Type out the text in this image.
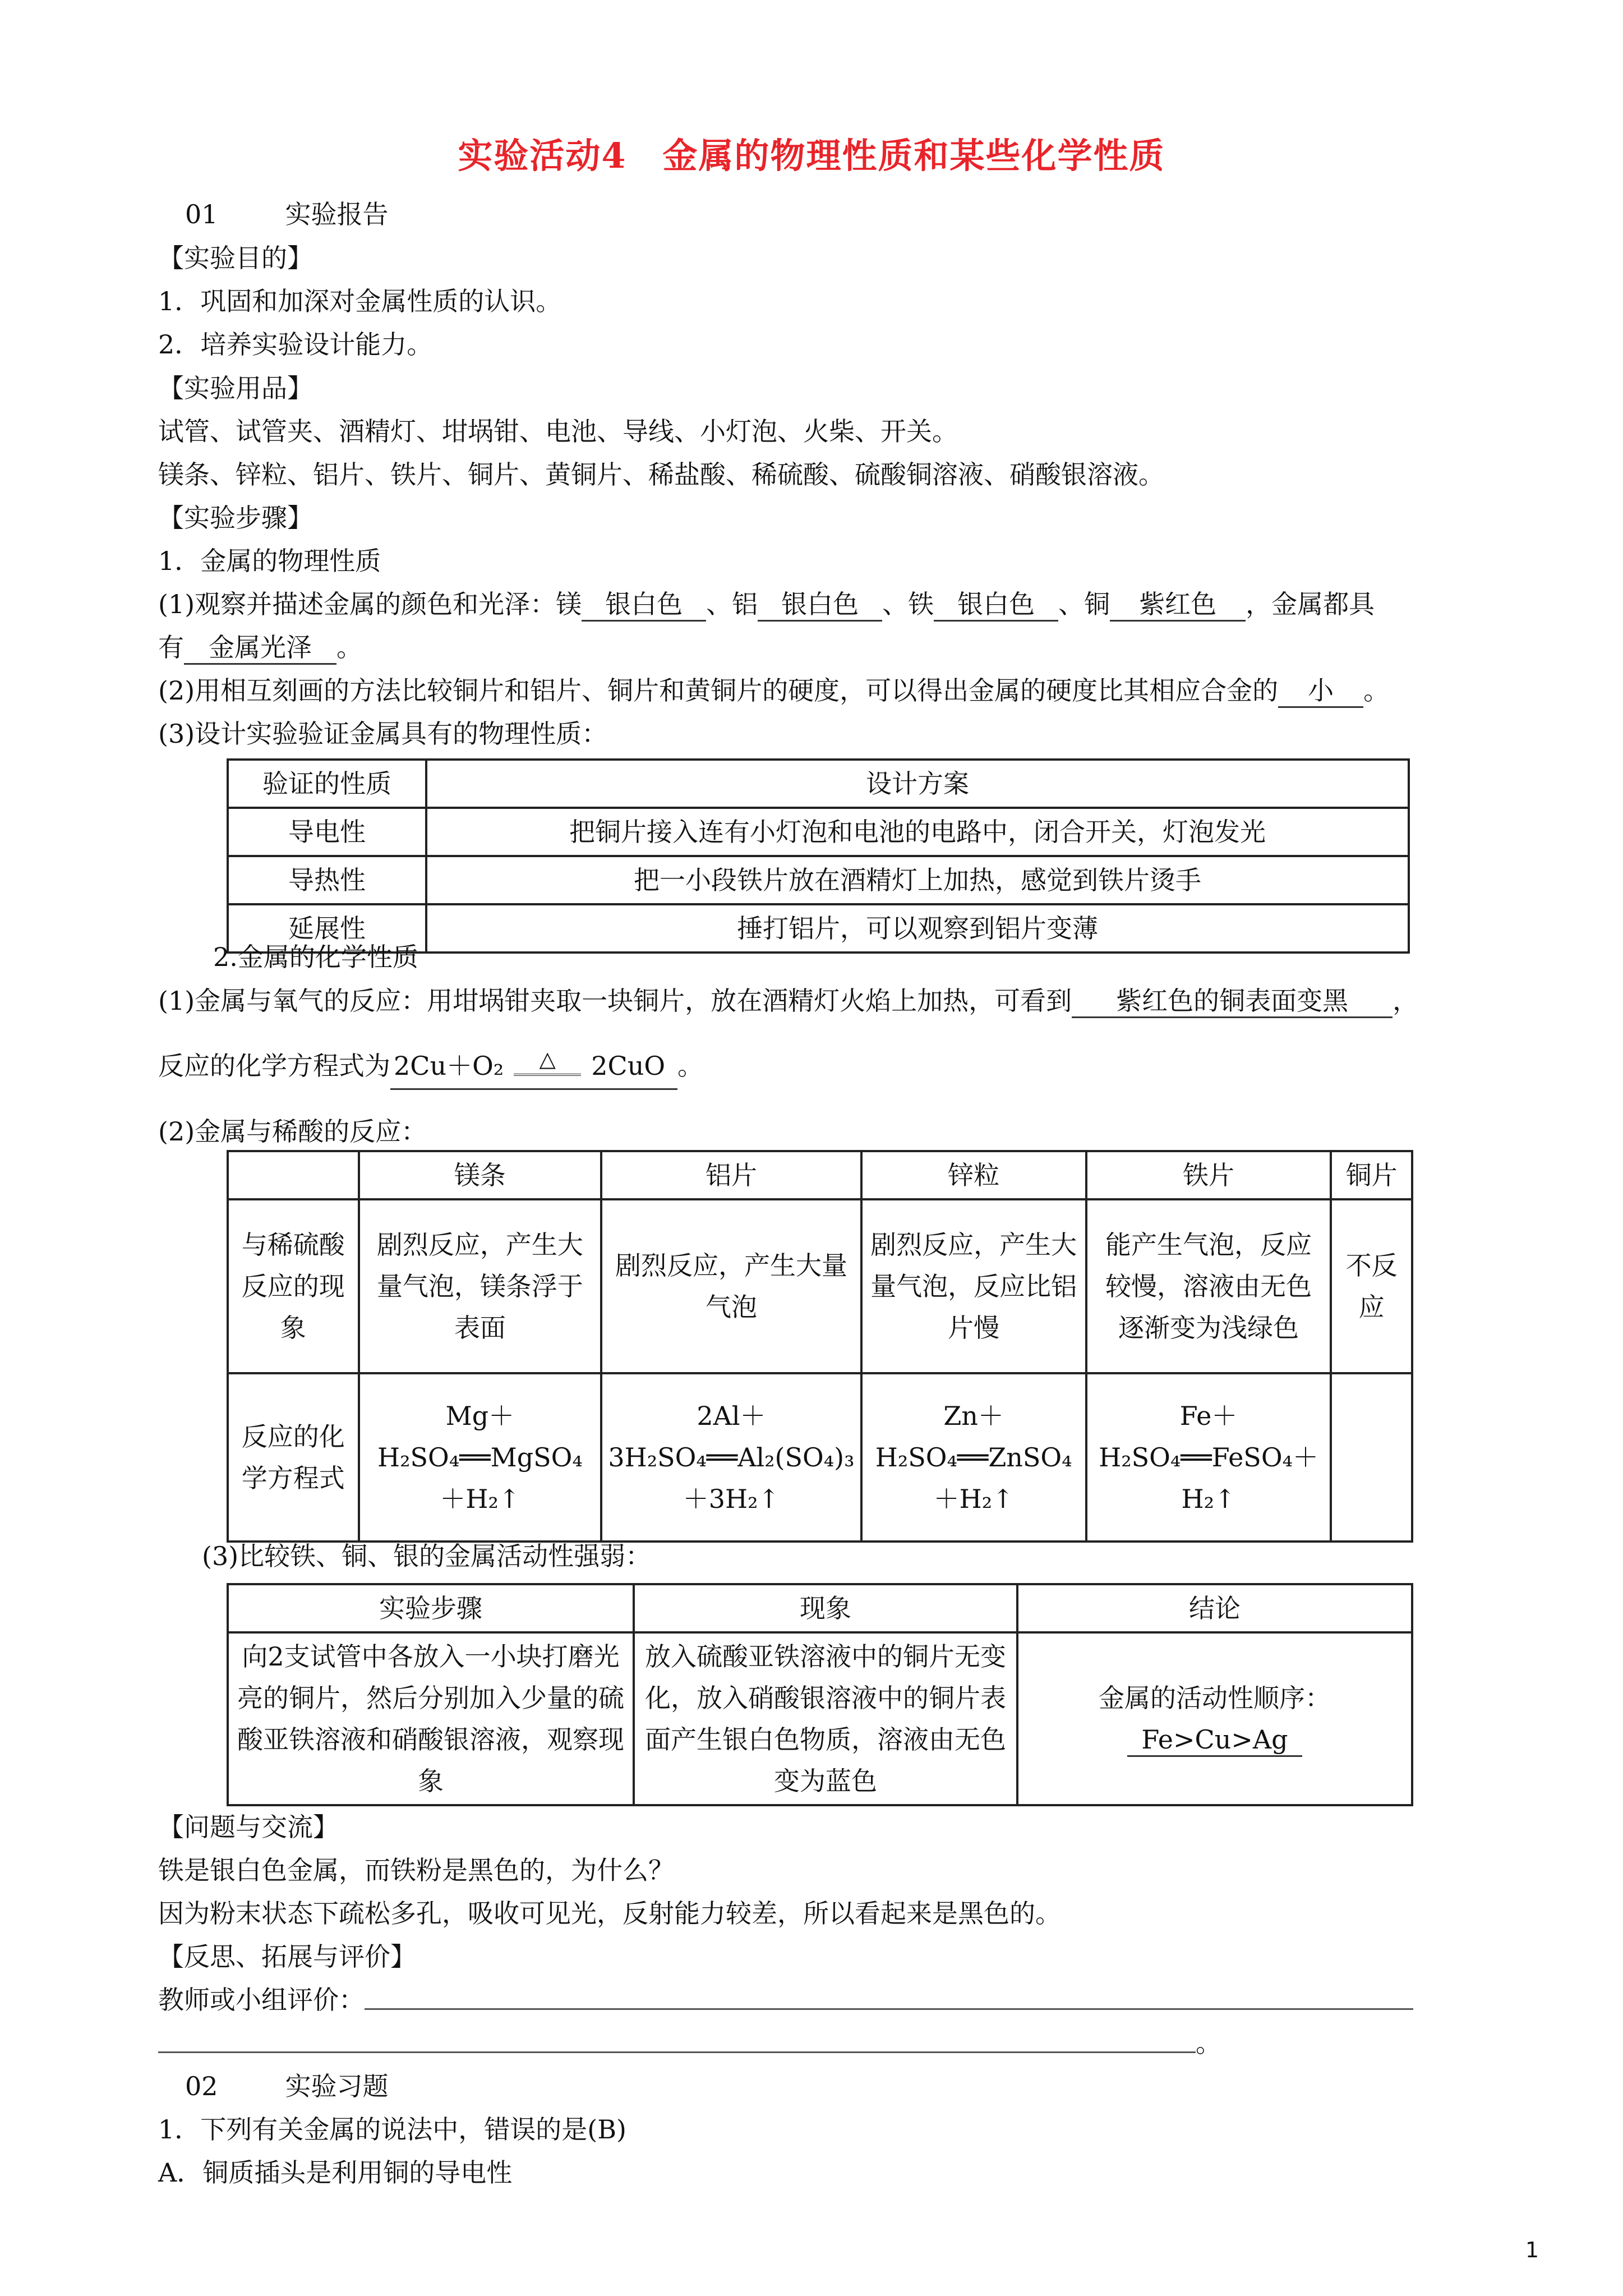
实验活动4　金属的物理性质和某些化学性质
01	实验报告
【实验目的】
1．巩固和加深对金属性质的认识。
2．培养实验设计能力。
【实验用品】
试管、试管夹、酒精灯、坩埚钳、电池、导线、小灯泡、火柴、开关。
镁条、锌粒、铝片、铁片、铜片、黄铜片、稀盐酸、稀硫酸、硫酸铜溶液、硝酸银溶液。
【实验步骤】
1．金属的物理性质
(1)观察并描述金属的颜色和光泽：镁 银白色 、铝 银白色 、铁 银白色 、铜 紫红色 ，金属都具
有 金属光泽 。
(2)用相互刻画的方法比较铜片和铝片、铜片和黄铜片的硬度，可以得出金属的硬度比其相应合金的 小 。
(3)设计实验验证金属具有的物理性质：
验证的性质	设计方案
导电性	把铜片接入连有小灯泡和电池的电路中，闭合开关，灯泡发光
导热性	把一小段铁片放在酒精灯上加热，感觉到铁片烫手
延展性	捶打铝片，可以观察到铝片变薄
2.金属的化学性质
(1)金属与氧气的反应：用坩埚钳夹取一块铜片，放在酒精灯火焰上加热，可看到 紫红色的铜表面变黑 ，
反应的化学方程式为 2Cu＋O₂	△	2CuO 。
(2)金属与稀酸的反应：
	镁条	铝片	锌粒	铁片	铜片
与稀硫酸反应的现象	剧烈反应，产生大量气泡，镁条浮于表面	剧烈反应，产生大量气泡	剧烈反应，产生大量气泡，反应比铝片慢	能产生气泡，反应较慢，溶液由无色逐渐变为浅绿色	不反应
反应的化学方程式	Mg＋H₂SO₄══MgSO₄＋H₂↑	2Al＋3H₂SO₄══Al₂(SO₄)₃＋3H₂↑	Zn＋H₂SO₄══ZnSO₄＋H₂↑	Fe＋H₂SO₄══FeSO₄＋H₂↑	
(3)比较铁、铜、银的金属活动性强弱：
实验步骤	现象	结论
向2支试管中各放入一小块打磨光亮的铜片，然后分别加入少量的硫酸亚铁溶液和硝酸银溶液，观察现象	放入硫酸亚铁溶液中的铜片无变化，放入硝酸银溶液中的铜片表面产生银白色物质，溶液由无色变为蓝色	金属的活动性顺序：
Fe>Cu>Ag
【问题与交流】
铁是银白色金属，而铁粉是黑色的，为什么？
因为粉末状态下疏松多孔，吸收可见光，反射能力较差，所以看起来是黑色的。
【反思、拓展与评价】
教师或小组评价：
。
02	实验习题
1．下列有关金属的说法中，错误的是(B)
A．铜质插头是利用铜的导电性
1
